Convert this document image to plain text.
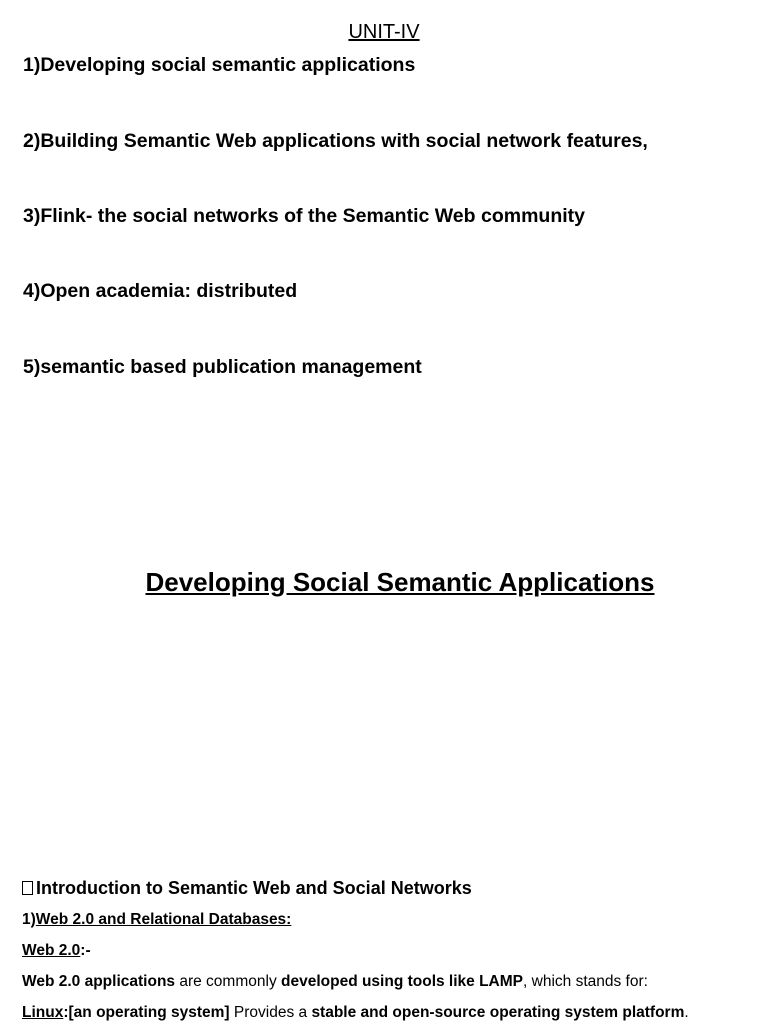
UNIT-IV
1)Developing social semantic applications
2)Building Semantic Web applications with social network features,
3)Flink- the social networks of the Semantic Web community
4)Open academia: distributed
5)semantic based publication management
Developing Social Semantic Applications
Introduction to Semantic Web and Social Networks
1)Web 2.0 and Relational Databases:
Web 2.0:-
Web 2.0 applications are commonly developed using tools like LAMP, which stands for:
Linux:[an operating system] Provides a stable and open-source operating system platform.
